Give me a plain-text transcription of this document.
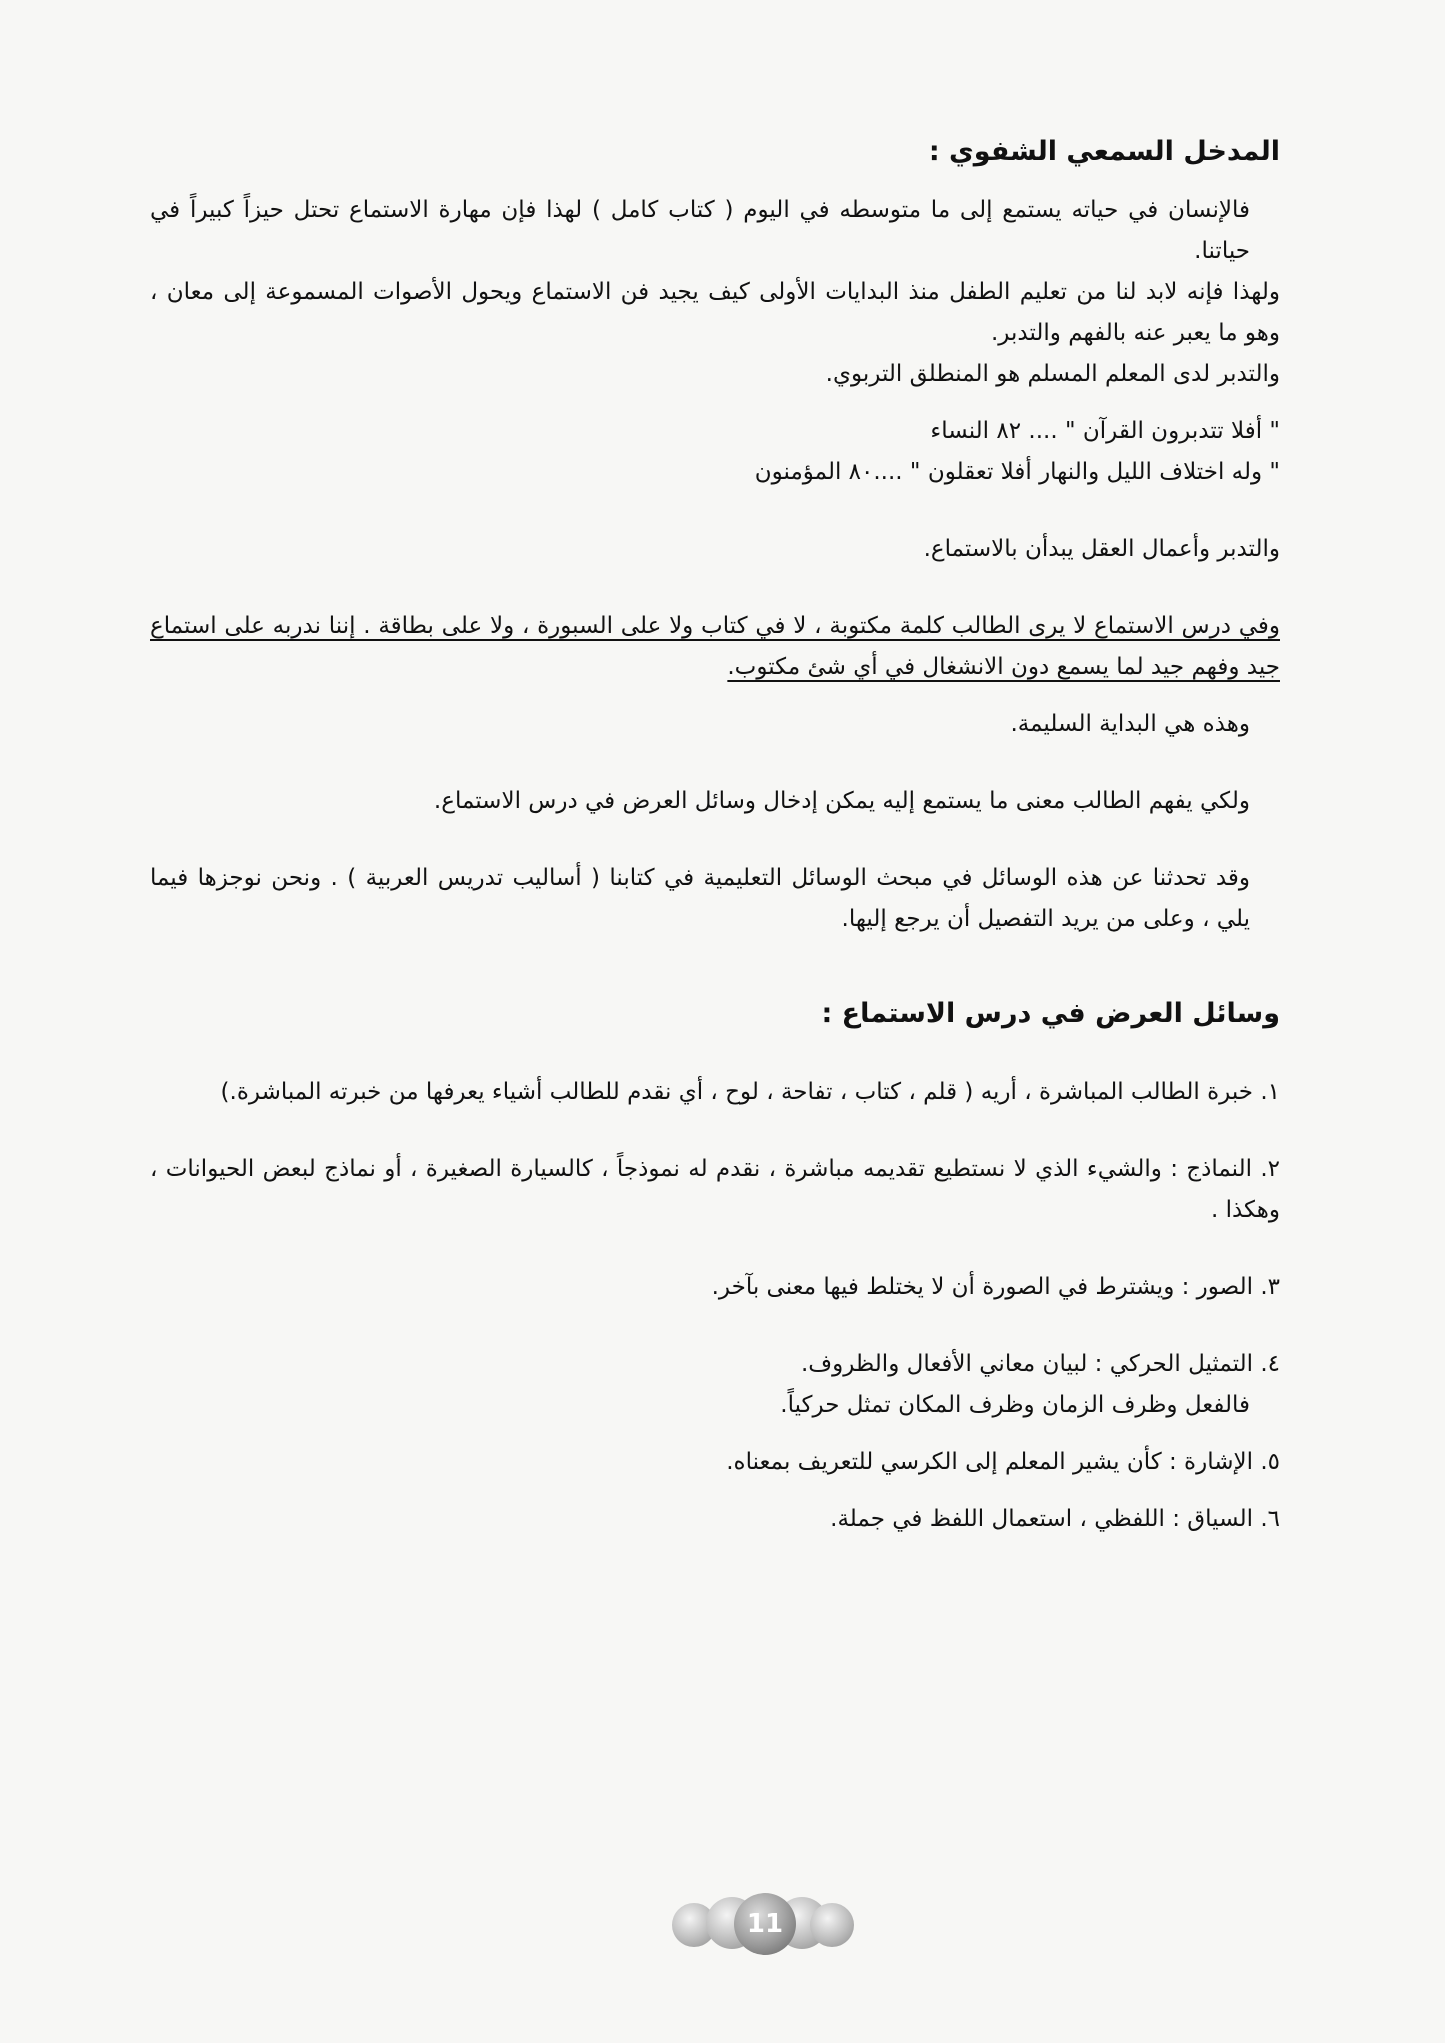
المدخل السمعي الشفوي :

فالإنسان في حياته يستمع إلى ما متوسطه في اليوم ( كتاب كامل ) لهذا فإن مهارة الاستماع تحتل حيزاً كبيراً في حياتنا.

ولهذا فإنه لابد لنا من تعليم الطفل منذ البدايات الأولى كيف يجيد فن الاستماع ويحول الأصوات المسموعة إلى معان ، وهو ما يعبر عنه بالفهم والتدبر.

والتدبر لدى المعلم المسلم هو المنطلق التربوي.

" أفلا تتدبرون القرآن " .... ٨٢ النساء

" وله اختلاف الليل والنهار أفلا تعقلون " ....٨٠ المؤمنون

والتدبر وأعمال العقل يبدأن بالاستماع.

وفي درس الاستماع لا يرى الطالب كلمة مكتوبة ، لا في كتاب ولا على السبورة ، ولا على بطاقة . إننا ندربه على استماع جيد وفهم جيد لما يسمع دون الانشغال في أي شئ مكتوب.

وهذه هي البداية السليمة.

ولكي يفهم الطالب معنى ما يستمع إليه يمكن إدخال وسائل العرض في درس الاستماع.

وقد تحدثنا عن هذه الوسائل في مبحث الوسائل التعليمية في كتابنا ( أساليب تدريس العربية ) . ونحن نوجزها فيما يلي ، وعلى من يريد التفصيل أن يرجع إليها.

وسائل العرض في درس الاستماع :

١. خبرة الطالب المباشرة ، أريه ( قلم ، كتاب ، تفاحة ، لوح ، أي نقدم للطالب أشياء يعرفها من خبرته المباشرة.)

٢. النماذج : والشيء الذي لا نستطيع تقديمه مباشرة ، نقدم له نموذجاً ، كالسيارة الصغيرة ، أو نماذج لبعض الحيوانات ، وهكذا .

٣. الصور : ويشترط في الصورة أن لا يختلط فيها معنى بآخر.

٤. التمثيل الحركي : لبيان معاني الأفعال والظروف.

فالفعل وظرف الزمان وظرف المكان تمثل حركياً.

٥. الإشارة : كأن يشير المعلم إلى الكرسي للتعريف بمعناه.

٦. السياق : اللفظي ، استعمال اللفظ في جملة.

11
